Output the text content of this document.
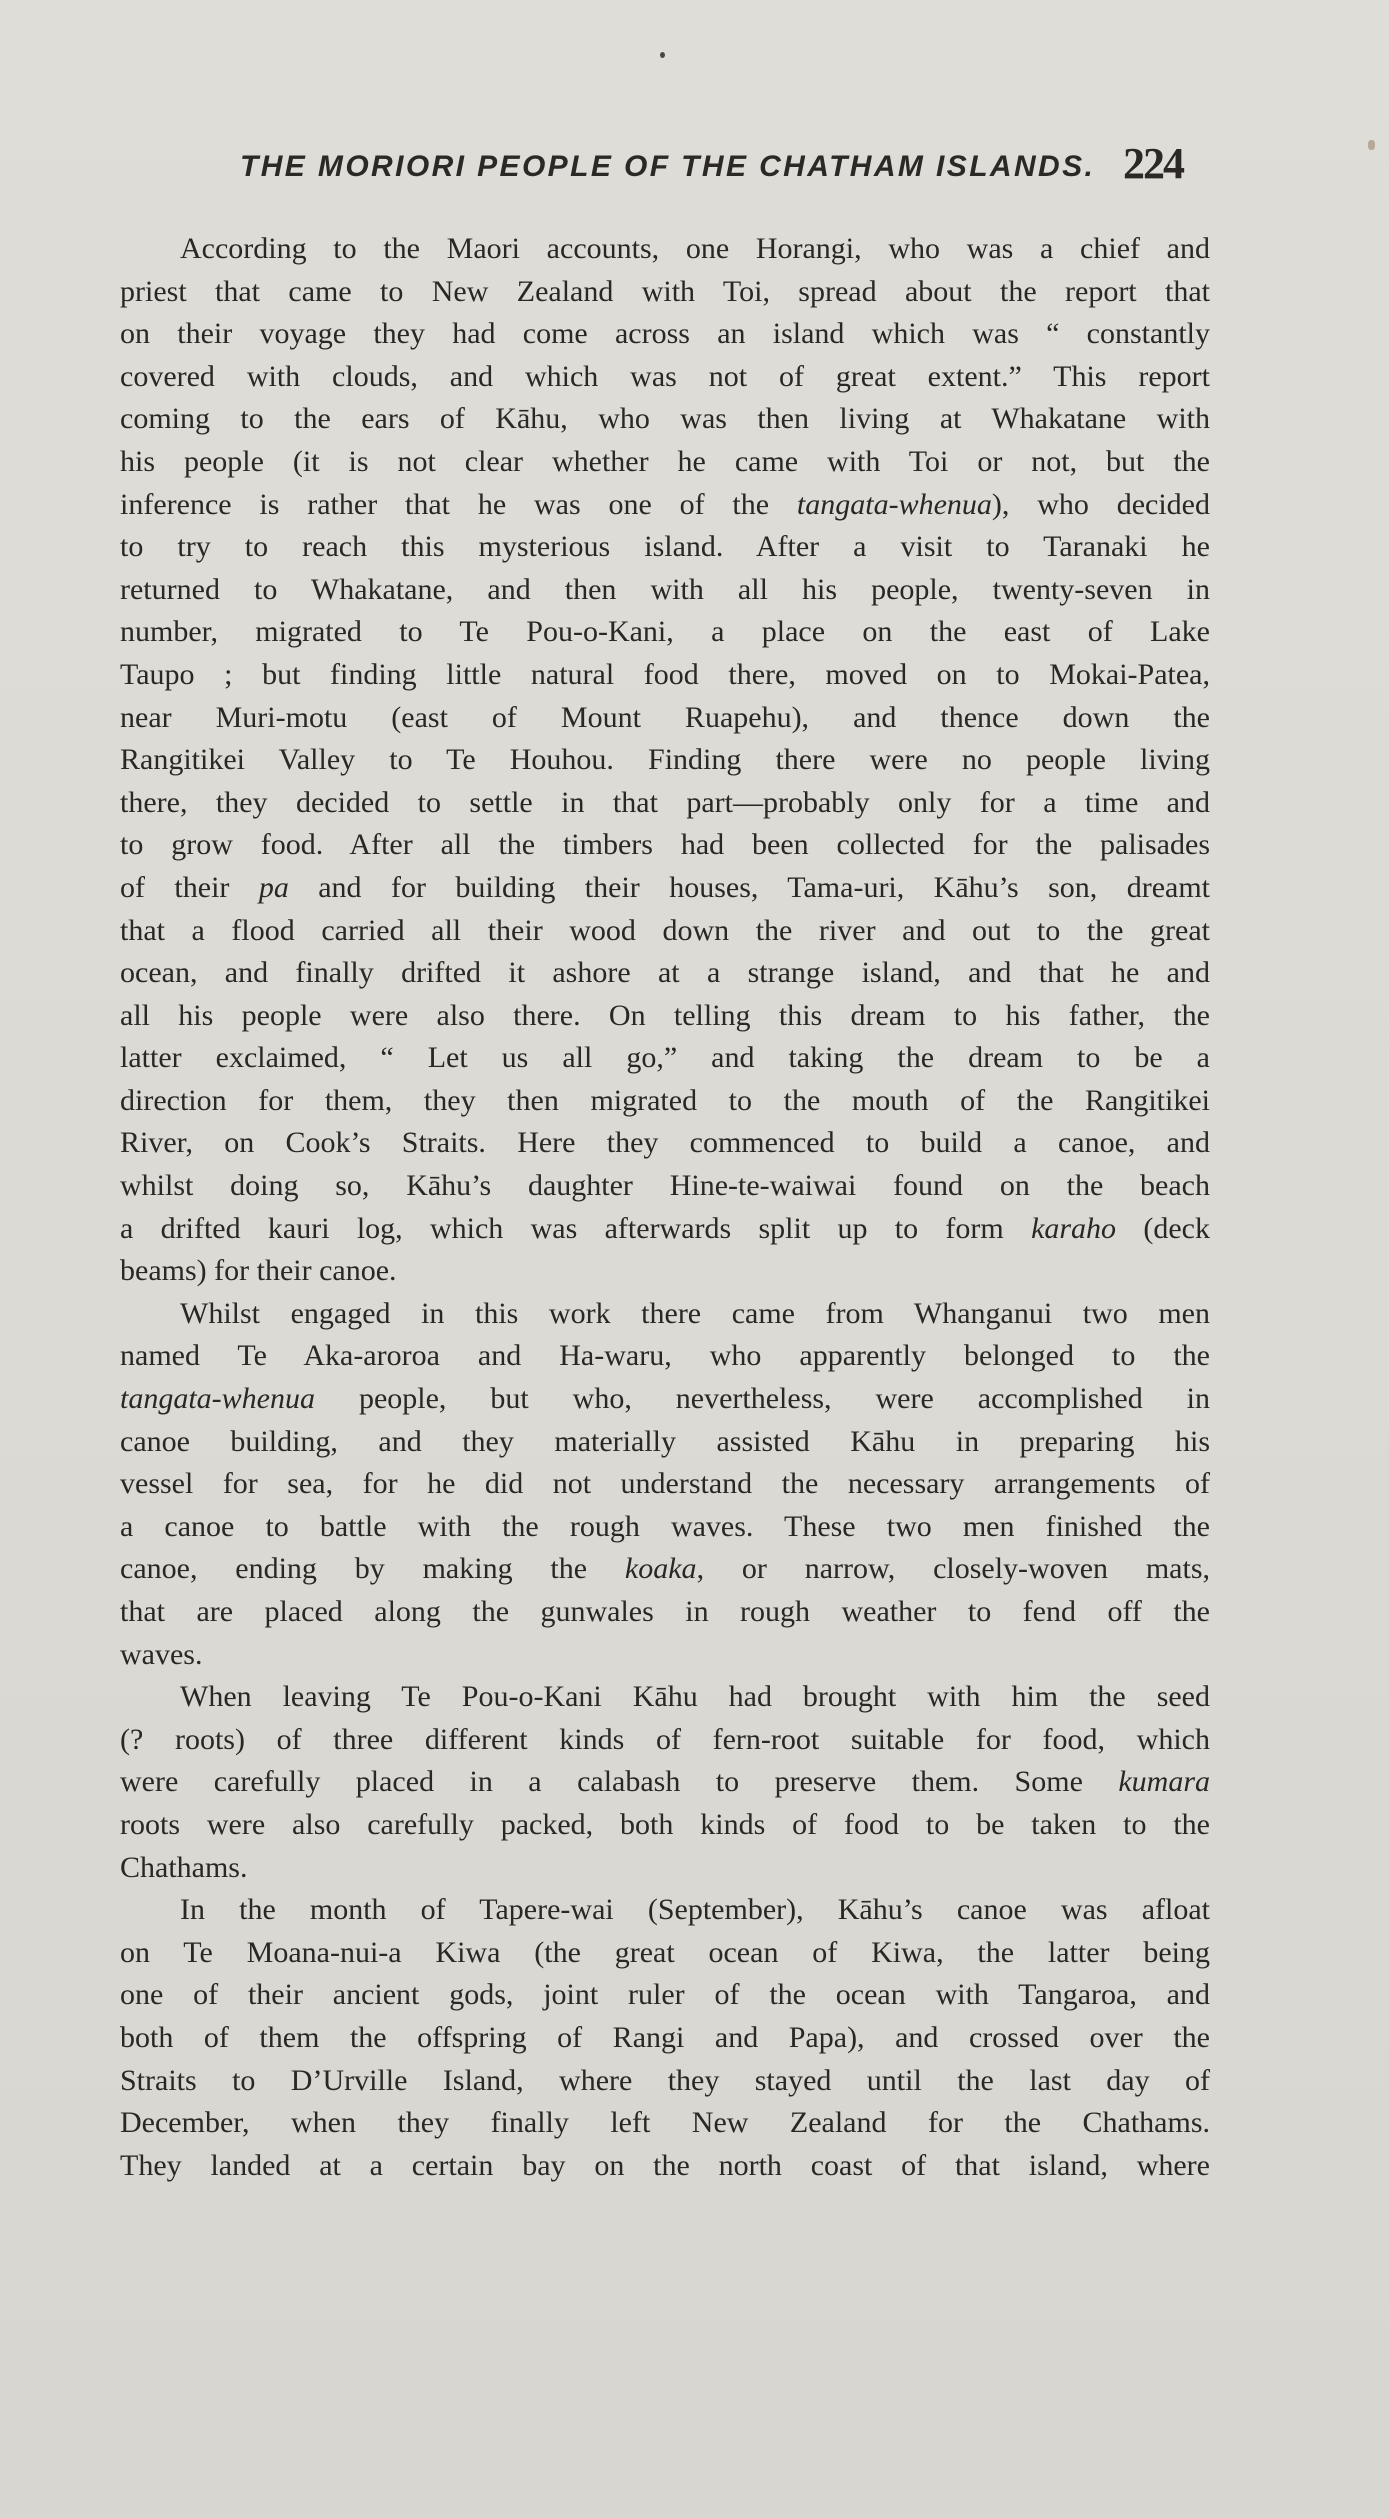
THE MORIORI PEOPLE OF THE CHATHAM ISLANDS. 224
According to the Maori accounts, one Horangi, who was a chief and
priest that came to New Zealand with Toi, spread about the report that
on their voyage they had come across an island which was “ constantly
covered with clouds, and which was not of great extent.” This report
coming to the ears of Kāhu, who was then living at Whakatane with
his people (it is not clear whether he came with Toi or not, but the
inference is rather that he was one of the tangata-whenua), who decided
to try to reach this mysterious island. After a visit to Taranaki he
returned to Whakatane, and then with all his people, twenty-seven in
number, migrated to Te Pou-o-Kani, a place on the east of Lake
Taupo ; but finding little natural food there, moved on to Mokai-Patea,
near Muri-motu (east of Mount Ruapehu), and thence down the
Rangitikei Valley to Te Houhou. Finding there were no people living
there, they decided to settle in that part—probably only for a time and
to grow food. After all the timbers had been collected for the palisades
of their pa and for building their houses, Tama-uri, Kāhu’s son, dreamt
that a flood carried all their wood down the river and out to the great
ocean, and finally drifted it ashore at a strange island, and that he and
all his people were also there. On telling this dream to his father, the
latter exclaimed, “ Let us all go,” and taking the dream to be a
direction for them, they then migrated to the mouth of the Rangitikei
River, on Cook’s Straits. Here they commenced to build a canoe, and
whilst doing so, Kāhu’s daughter Hine-te-waiwai found on the beach
a drifted kauri log, which was afterwards split up to form karaho (deck
beams) for their canoe.
Whilst engaged in this work there came from Whanganui two men
named Te Aka-aroroa and Ha-waru, who apparently belonged to the
tangata-whenua people, but who, nevertheless, were accomplished in
canoe building, and they materially assisted Kāhu in preparing his
vessel for sea, for he did not understand the necessary arrangements of
a canoe to battle with the rough waves. These two men finished the
canoe, ending by making the koaka, or narrow, closely-woven mats,
that are placed along the gunwales in rough weather to fend off the
waves.
When leaving Te Pou-o-Kani Kāhu had brought with him the seed
(? roots) of three different kinds of fern-root suitable for food, which
were carefully placed in a calabash to preserve them. Some kumara
roots were also carefully packed, both kinds of food to be taken to the
Chathams.
In the month of Tapere-wai (September), Kāhu’s canoe was afloat
on Te Moana-nui-a Kiwa (the great ocean of Kiwa, the latter being
one of their ancient gods, joint ruler of the ocean with Tangaroa, and
both of them the offspring of Rangi and Papa), and crossed over the
Straits to D’Urville Island, where they stayed until the last day of
December, when they finally left New Zealand for the Chathams.
They landed at a certain bay on the north coast of that island, where
